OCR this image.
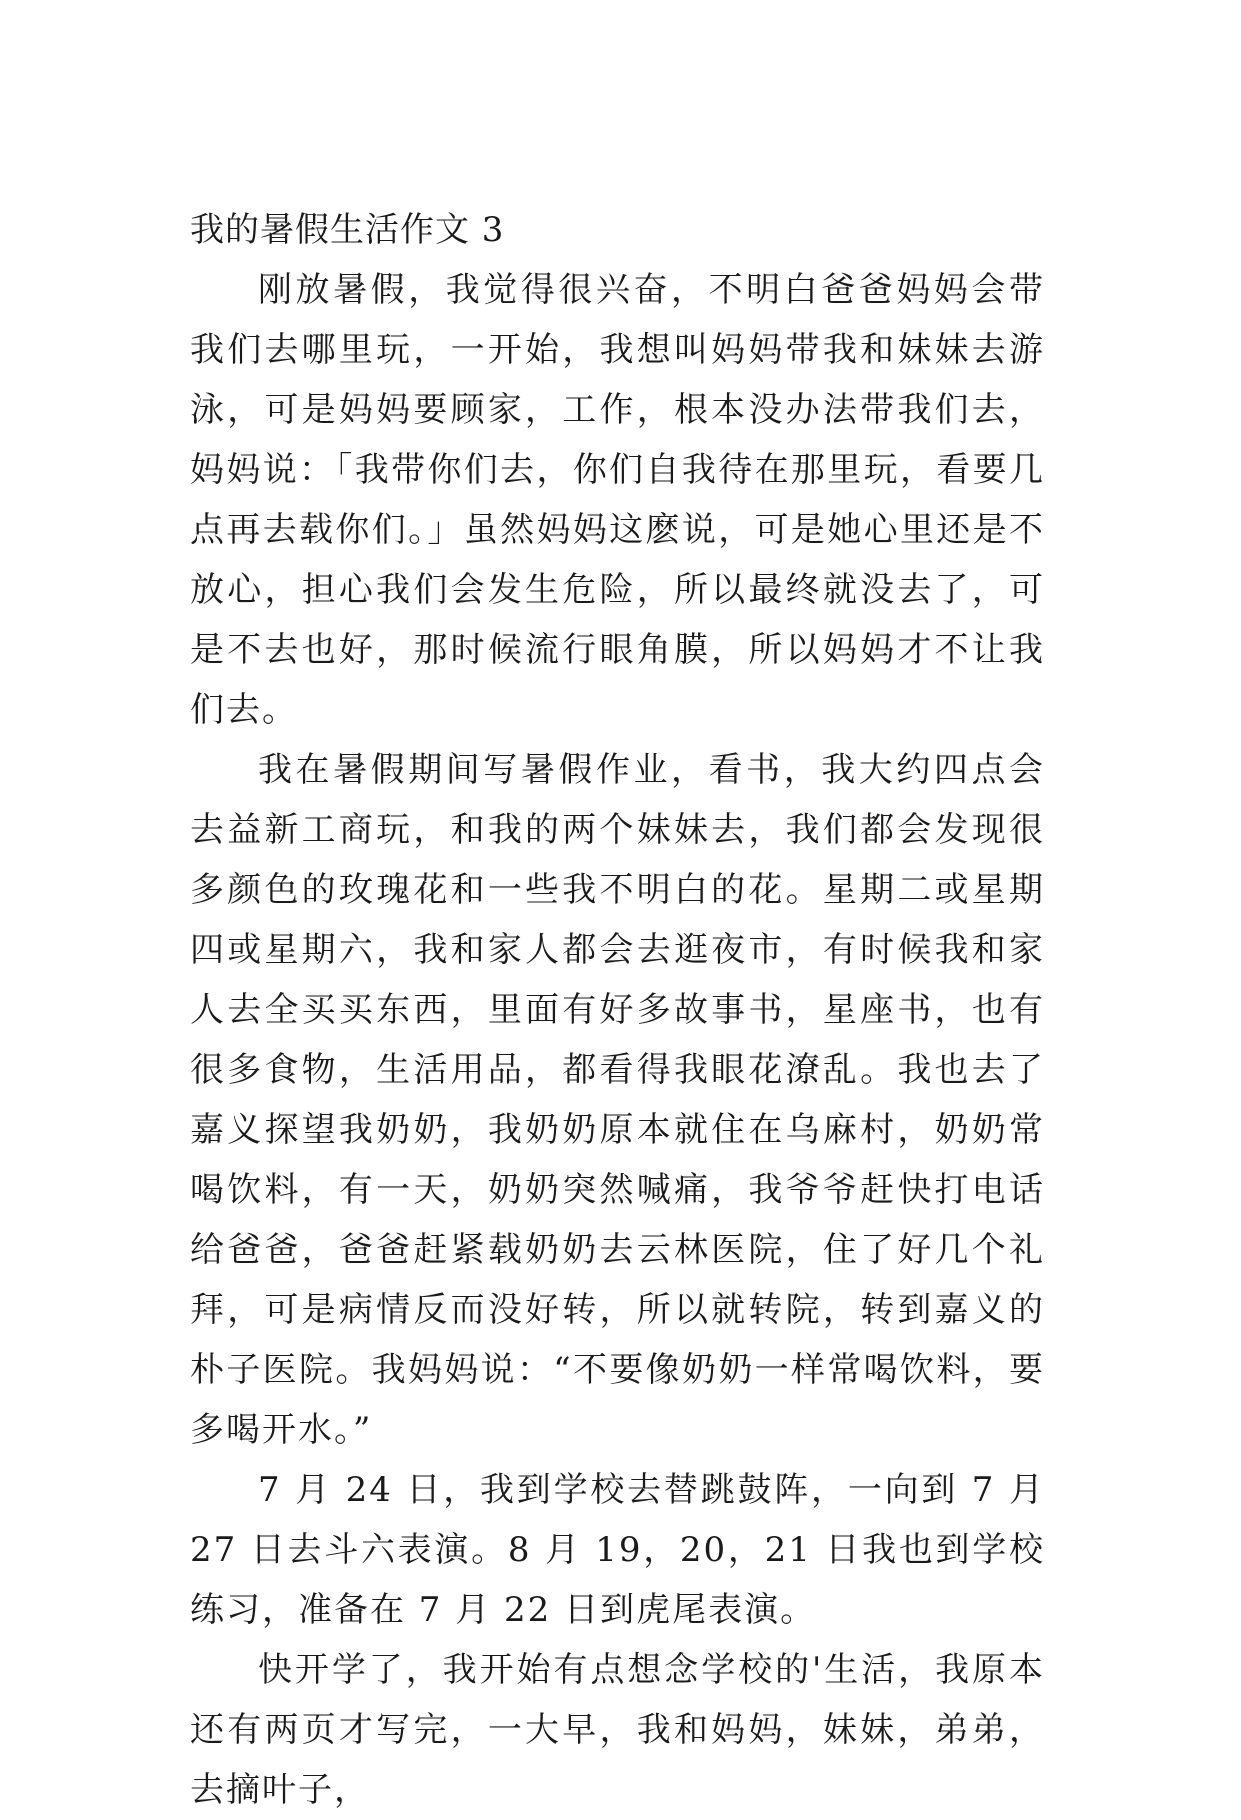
我的暑假生活作文 3

刚放暑假，我觉得很兴奋，不明白爸爸妈妈会带我们去哪里玩，一开始，我想叫妈妈带我和妹妹去游泳，可是妈妈要顾家，工作，根本没办法带我们去，妈妈说：「我带你们去，你们自我待在那里玩，看要几点再去载你们。」虽然妈妈这麽说，可是她心里还是不放心，担心我们会发生危险，所以最终就没去了，可是不去也好，那时候流行眼角膜，所以妈妈才不让我们去。

我在暑假期间写暑假作业，看书，我大约四点会去益新工商玩，和我的两个妹妹去，我们都会发现很多颜色的玫瑰花和一些我不明白的花。星期二或星期四或星期六，我和家人都会去逛夜市，有时候我和家人去全买买东西，里面有好多故事书，星座书，也有很多食物，生活用品，都看得我眼花潦乱。我也去了嘉义探望我奶奶，我奶奶原本就住在乌麻村，奶奶常喝饮料，有一天，奶奶突然喊痛，我爷爷赶快打电话给爸爸，爸爸赶紧载奶奶去云林医院，住了好几个礼拜，可是病情反而没好转，所以就转院，转到嘉义的朴子医院。我妈妈说：“不要像奶奶一样常喝饮料，要多喝开水。”

7 月 24 日，我到学校去替跳鼓阵，一向到 7 月 27 日去斗六表演。8 月 19，20，21 日我也到学校练习，准备在 7 月 22 日到虎尾表演。

快开学了，我开始有点想念学校的'生活，我原本还有两页才写完，一大早，我和妈妈，妹妹，弟弟，去摘叶子，
